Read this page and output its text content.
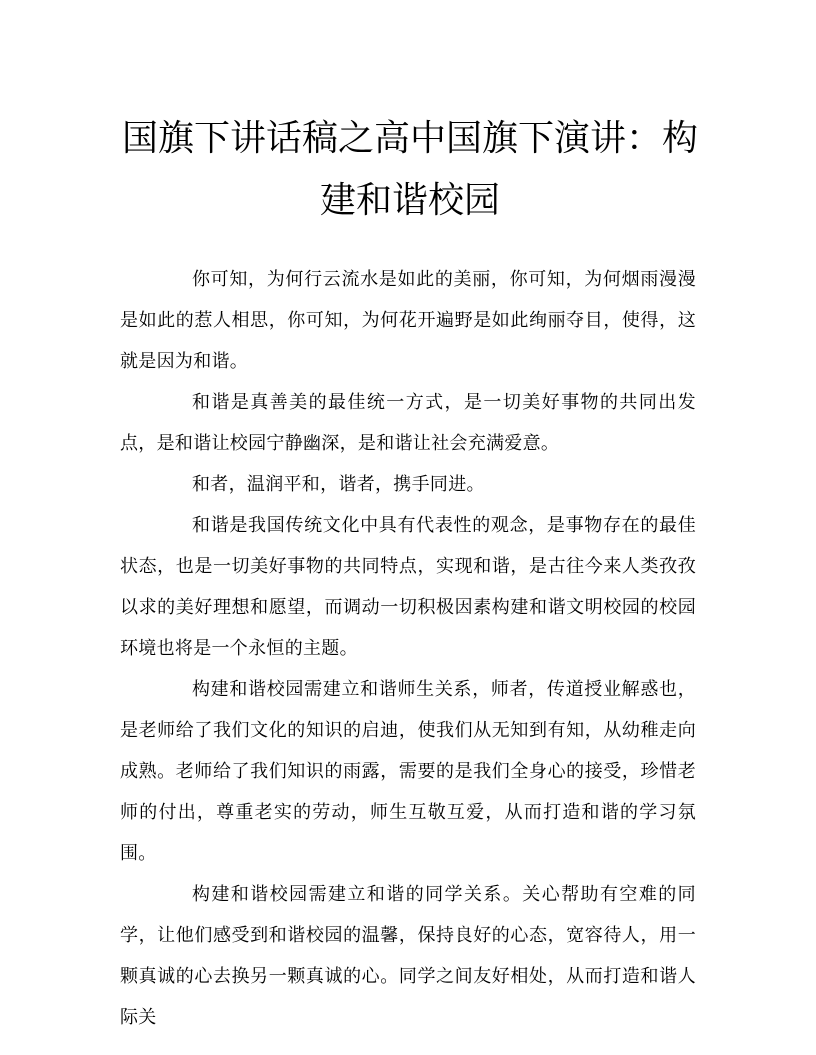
国旗下讲话稿之高中国旗下演讲：构建和谐校园

你可知，为何行云流水是如此的美丽，你可知，为何烟雨漫漫是如此的惹人相思，你可知，为何花开遍野是如此绚丽夺目，使得，这就是因为和谐。

和谐是真善美的最佳统一方式，是一切美好事物的共同出发点，是和谐让校园宁静幽深，是和谐让社会充满爱意。

和者，温润平和，谐者，携手同进。

和谐是我国传统文化中具有代表性的观念，是事物存在的最佳状态，也是一切美好事物的共同特点，实现和谐，是古往今来人类孜孜以求的美好理想和愿望，而调动一切积极因素构建和谐文明校园的校园环境也将是一个永恒的主题。

构建和谐校园需建立和谐师生关系，师者，传道授业解惑也，是老师给了我们文化的知识的启迪，使我们从无知到有知，从幼稚走向成熟。老师给了我们知识的雨露，需要的是我们全身心的接受，珍惜老师的付出，尊重老实的劳动，师生互敬互爱，从而打造和谐的学习氛围。

构建和谐校园需建立和谐的同学关系。关心帮助有空难的同学，让他们感受到和谐校园的温馨，保持良好的心态，宽容待人，用一颗真诚的心去换另一颗真诚的心。同学之间友好相处，从而打造和谐人际关
